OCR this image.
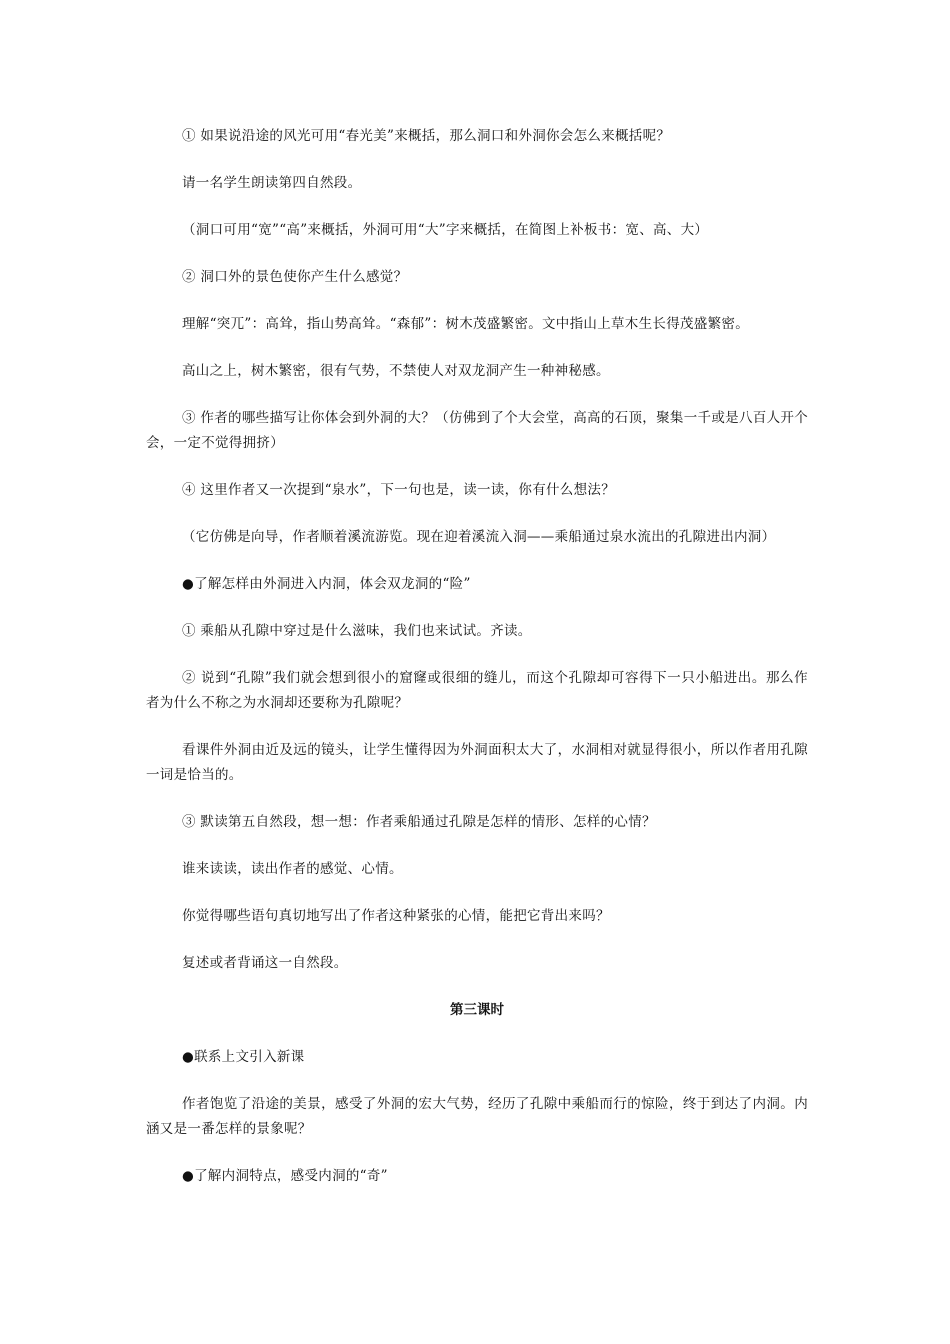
① 如果说沿途的风光可用“春光美”来概括，那么洞口和外洞你会怎么来概括呢？

请一名学生朗读第四自然段。

（洞口可用“宽”“高”来概括，外洞可用“大”字来概括，在简图上补板书：宽、高、大）

② 洞口外的景色使你产生什么感觉？

理解“突兀”：高耸，指山势高耸。“森郁”：树木茂盛繁密。文中指山上草木生长得茂盛繁密。

高山之上，树木繁密，很有气势，不禁使人对双龙洞产生一种神秘感。

③ 作者的哪些描写让你体会到外洞的大？（仿佛到了个大会堂，高高的石顶，聚集一千或是八百人开个会，一定不觉得拥挤）

④ 这里作者又一次提到“泉水”，下一句也是，读一读，你有什么想法？

（它仿佛是向导，作者顺着溪流游览。现在迎着溪流入洞——乘船通过泉水流出的孔隙进出内洞）

●了解怎样由外洞进入内洞，体会双龙洞的“险”

① 乘船从孔隙中穿过是什么滋味，我们也来试试。齐读。

② 说到“孔隙”我们就会想到很小的窟窿或很细的缝儿，而这个孔隙却可容得下一只小船进出。那么作者为什么不称之为水洞却还要称为孔隙呢？

看课件外洞由近及远的镜头，让学生懂得因为外洞面积太大了，水洞相对就显得很小，所以作者用孔隙一词是恰当的。

③ 默读第五自然段，想一想：作者乘船通过孔隙是怎样的情形、怎样的心情？

谁来读读，读出作者的感觉、心情。

你觉得哪些语句真切地写出了作者这种紧张的心情，能把它背出来吗？

复述或者背诵这一自然段。

第三课时

●联系上文引入新课

作者饱览了沿途的美景，感受了外洞的宏大气势，经历了孔隙中乘船而行的惊险，终于到达了内洞。内涵又是一番怎样的景象呢？

●了解内洞特点，感受内洞的“奇”
